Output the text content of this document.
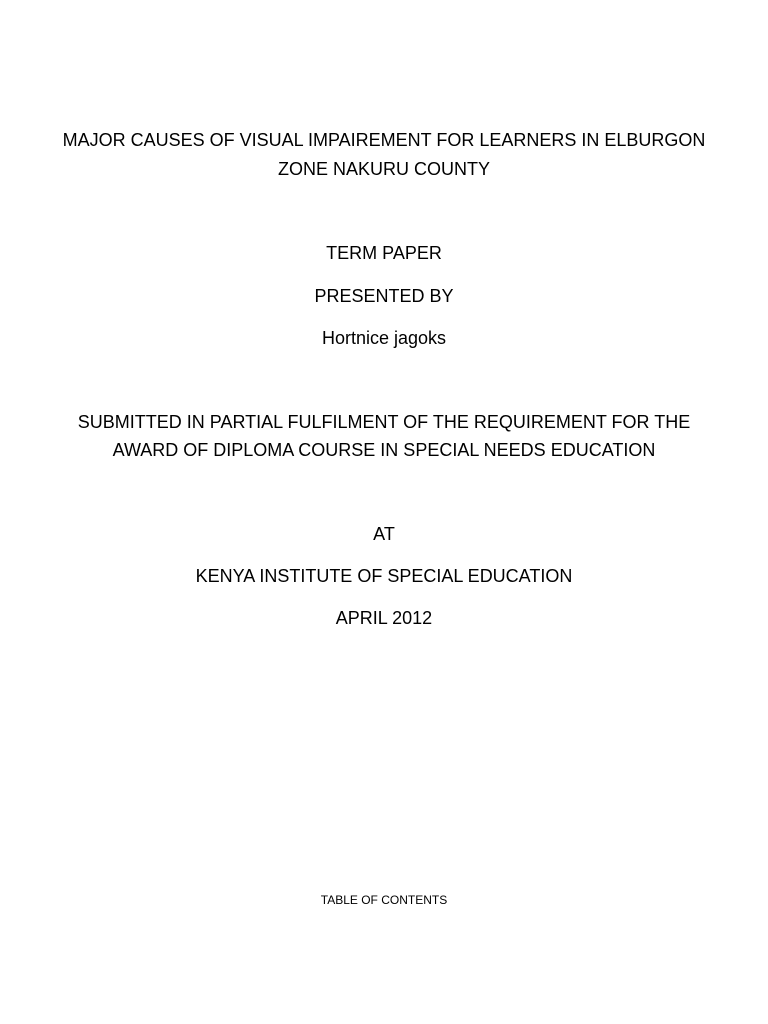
MAJOR CAUSES OF VISUAL IMPAIREMENT FOR LEARNERS IN ELBURGON
ZONE NAKURU COUNTY
TERM PAPER
PRESENTED BY
Hortnice jagoks
SUBMITTED IN PARTIAL FULFILMENT OF THE REQUIREMENT FOR THE
AWARD OF DIPLOMA COURSE IN SPECIAL NEEDS EDUCATION
AT
KENYA INSTITUTE OF SPECIAL EDUCATION
APRIL 2012
TABLE OF CONTENTS
